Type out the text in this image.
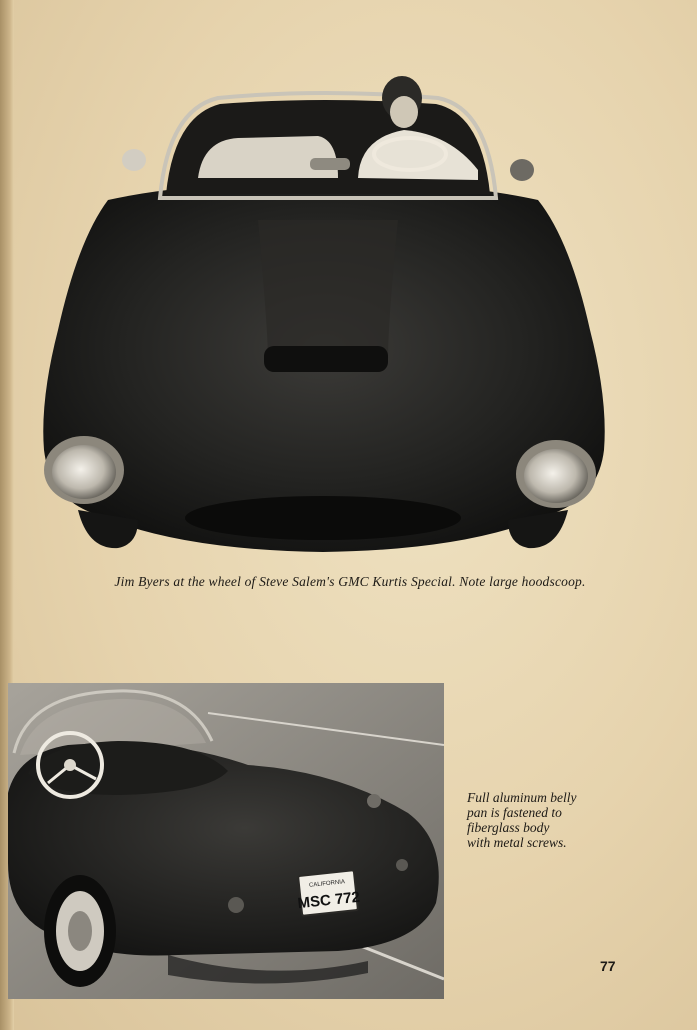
Jim Byers at the wheel of Steve Salem's GMC Kurtis Special. Note large hoodscoop.
CALIFORNIA
MSC 772
Full aluminum belly
pan is fastened to
fiberglass body
with metal screws.
77
